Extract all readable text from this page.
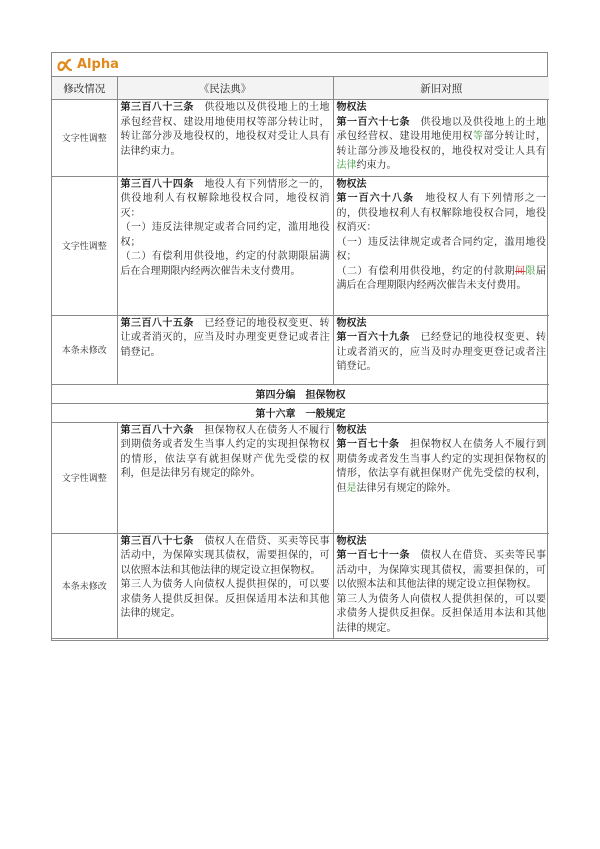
Alpha
修改情况	《民法典》	新旧对照
文字性调整	第三百八十三条　 供役地以及供役地上的土地承包经营权、建设用地使用权等部分转让时，转让部分涉及地役权的，地役权对受让人具有法律约束力。	物权法
第一百六十七条　 供役地以及供役地上的土地承包经营权、建设用地使用权等部分转让时，转让部分涉及地役权的，地役权对受让人具有法律约束力。
文字性调整	第三百八十四条　 地役人有下列情形之一的，供役地利人有权解除地役权合同，地役权消灭：
（一）违反法律规定或者合同约定，滥用地役权；
（二）有偿利用供役地，约定的付款期限届满后在合理期限内经两次催告未支付费用。	物权法
第一百六十八条　 地役权人有下列情形之一的，供役地权利人有权解除地役权合同，地役权消灭：
（一）违反法律规定或者合同约定，滥用地役权；
（二）有偿利用供役地，约定的付款期间限届满后在合理期限内经两次催告未支付费用。

本条未修改	第三百八十五条　 已经登记的地役权变更、转让或者消灭的，应当及时办理变更登记或者注销登记。	物权法
第一百六十九条　 已经登记的地役权变更、转让或者消灭的，应当及时办理变更登记或者注销登记。
第四分编　担保物权		
第十六章　一般规定		
文字性调整	第三百八十六条　 担保物权人在债务人不履行到期债务或者发生当事人约定的实现担保物权的情形，依法享有就担保财产优先受偿的权利，但是法律另有规定的除外。	物权法
第一百七十条　 担保物权人在债务人不履行到期债务或者发生当事人约定的实现担保物权的情形，依法享有就担保财产优先受偿的权利，但是法律另有规定的除外。
本条未修改	第三百八十七条　 债权人在借贷、买卖等民事活动中，为保障实现其债权，需要担保的，可以依照本法和其他法律的规定设立担保物权。
第三人为债务人向债权人提供担保的，可以要求债务人提供反担保。反担保适用本法和其他法律的规定。	物权法
第一百七十一条　 债权人在借贷、买卖等民事活动中，为保障实现其债权，需要担保的，可以依照本法和其他法律的规定设立担保物权。
第三人为债务人向债权人提供担保的，可以要求债务人提供反担保。反担保适用本法和其他法律的规定。
